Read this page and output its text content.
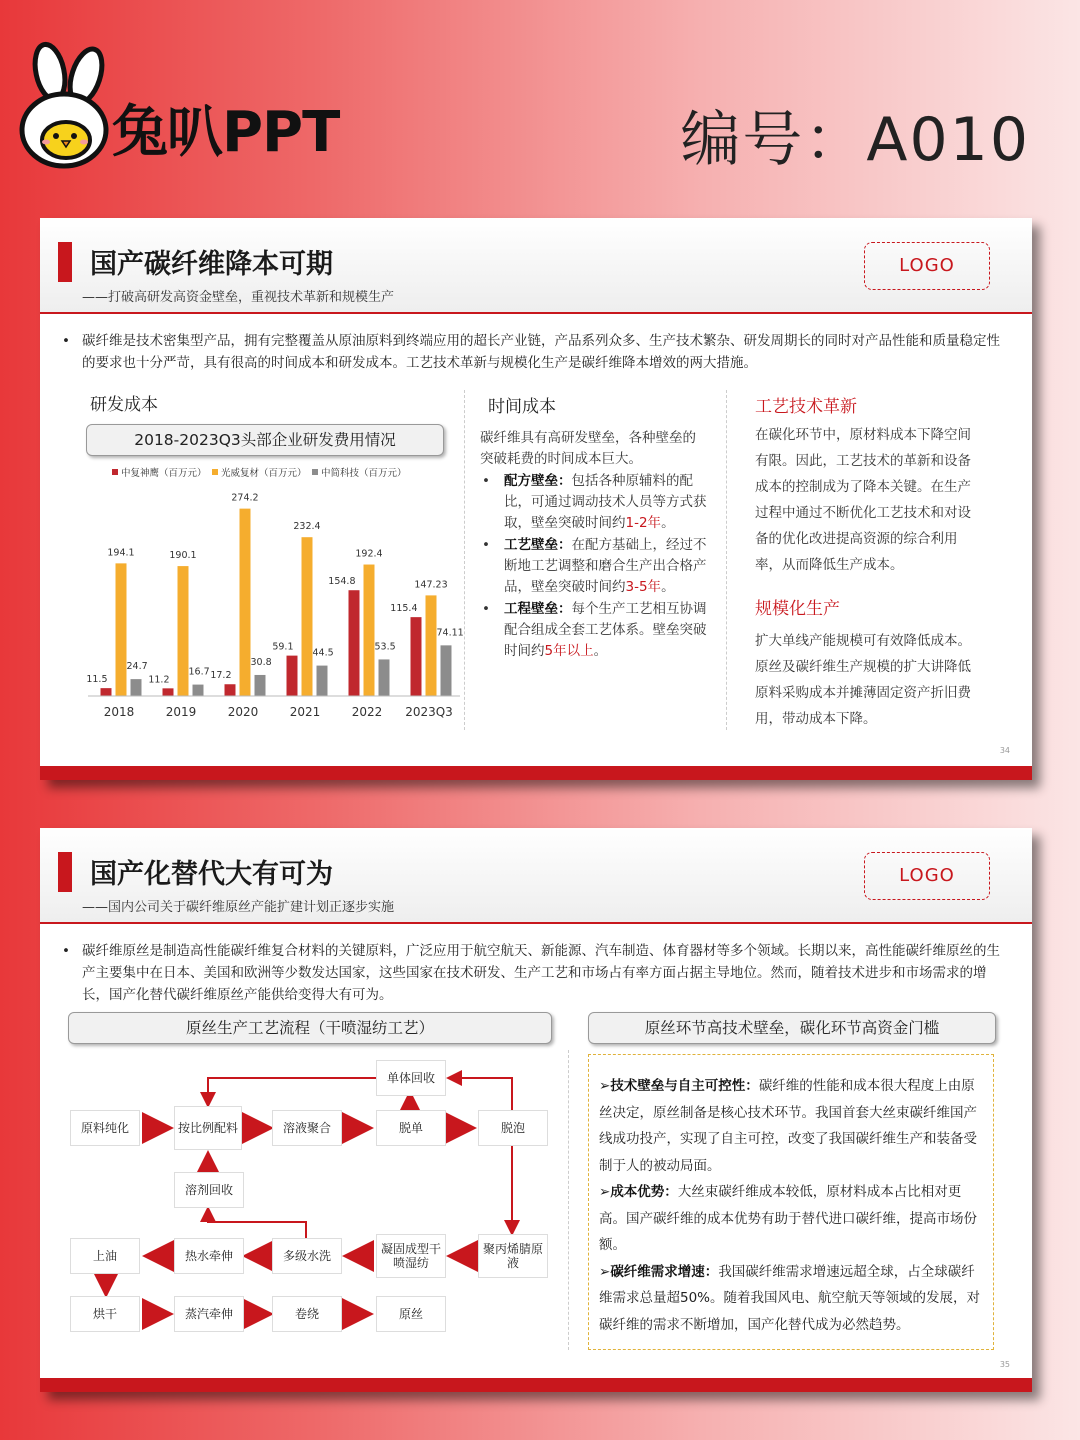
兔叭PPT	编号：A010
国产碳纤维降本可期
——打破高研发高资金壁垒，重视技术革新和规模生产
LOGO
• 碳纤维是技术密集型产品，拥有完整覆盖从原油原料到终端应用的超长产业链，产品系列众多、生产技术繁杂、研发周期长的同时对产品性能和质量稳定性的要求也十分严苛，具有很高的时间成本和研发成本。工艺技术革新与规模化生产是碳纤维降本增效的两大措施。

研发成本
2018-2023Q3头部企业研发费用情况
中复神鹰（百万元） 光威复材（百万元） 中简科技（百万元）
11.5
194.1
24.7
11.2
190.1
16.7 17.2
274.2
30.8
59.1
232.4
44.5
154.8
192.4
53.5
115.4
147.23
74.11
2018	2019	2020	2021	2022 2023Q3
时间成本
碳纤维具有高研发壁垒，各种壁垒的突破耗费的时间成本巨大。
• 配方壁垒：包括各种原辅料的配比，可通过调动技术人员等方式获取，壁垒突破时间约1-2年。
• 工艺壁垒：在配方基础上，经过不断地工艺调整和磨合生产出合格产品，壁垒突破时间约3-5年。
• 工程壁垒：每个生产工艺相互协调配合组成全套工艺体系。壁垒突破时间约5年以上。
工艺技术革新
在碳化环节中，原材料成本下降空间有限。因此，工艺技术的革新和设备成本的控制成为了降本关键。在生产过程中通过不断优化工艺技术和对设备的优化改进提高资源的综合利用率，从而降低生产成本。
规模化生产
扩大单线产能规模可有效降低成本。原丝及碳纤维生产规模的扩大讲降低原料采购成本并摊薄固定资产折旧费用，带动成本下降。
34
国产化替代大有可为
——国内公司关于碳纤维原丝产能扩建计划正逐步实施
LOGO
• 碳纤维原丝是制造高性能碳纤维复合材料的关键原料，广泛应用于航空航天、新能源、汽车制造、体育器材等多个领域。长期以来，高性能碳纤维原丝的生产主要集中在日本、美国和欧洲等少数发达国家，这些国家在技术研发、生产工艺和市场占有率方面占据主导地位。然而，随着技术进步和市场需求的增长，国产化替代碳纤维原丝产能供给变得大有可为。

原丝生产工艺流程（干喷湿纺工艺）	原丝环节高技术壁垒，碳化环节高资金门槛
原料纯化	按比例配料	溶液聚合	脱单	脱泡
单体回收
溶剂回收
上油	热水牵伸	多级水洗	凝固成型干喷湿纺
聚丙烯腈原液
烘干	蒸汽牵伸	卷绕	原丝

➢技术壁垒与自主可控性：碳纤维的性能和成本很大程度上由原丝决定，原丝制备是核心技术环节。我国首套大丝束碳纤维国产线成功投产，实现了自主可控，改变了我国碳纤维生产和装备受制于人的被动局面。

➢成本优势：大丝束碳纤维成本较低，原材料成本占比相对更高。国产碳纤维的成本优势有助于替代进口碳纤维，提高市场份额。

➢碳纤维需求增速：我国碳纤维需求增速远超全球，占全球碳纤维需求总量超50%。随着我国风电、航空航天等领域的发展，对碳纤维的需求不断增加，国产化替代成为必然趋势。

35
